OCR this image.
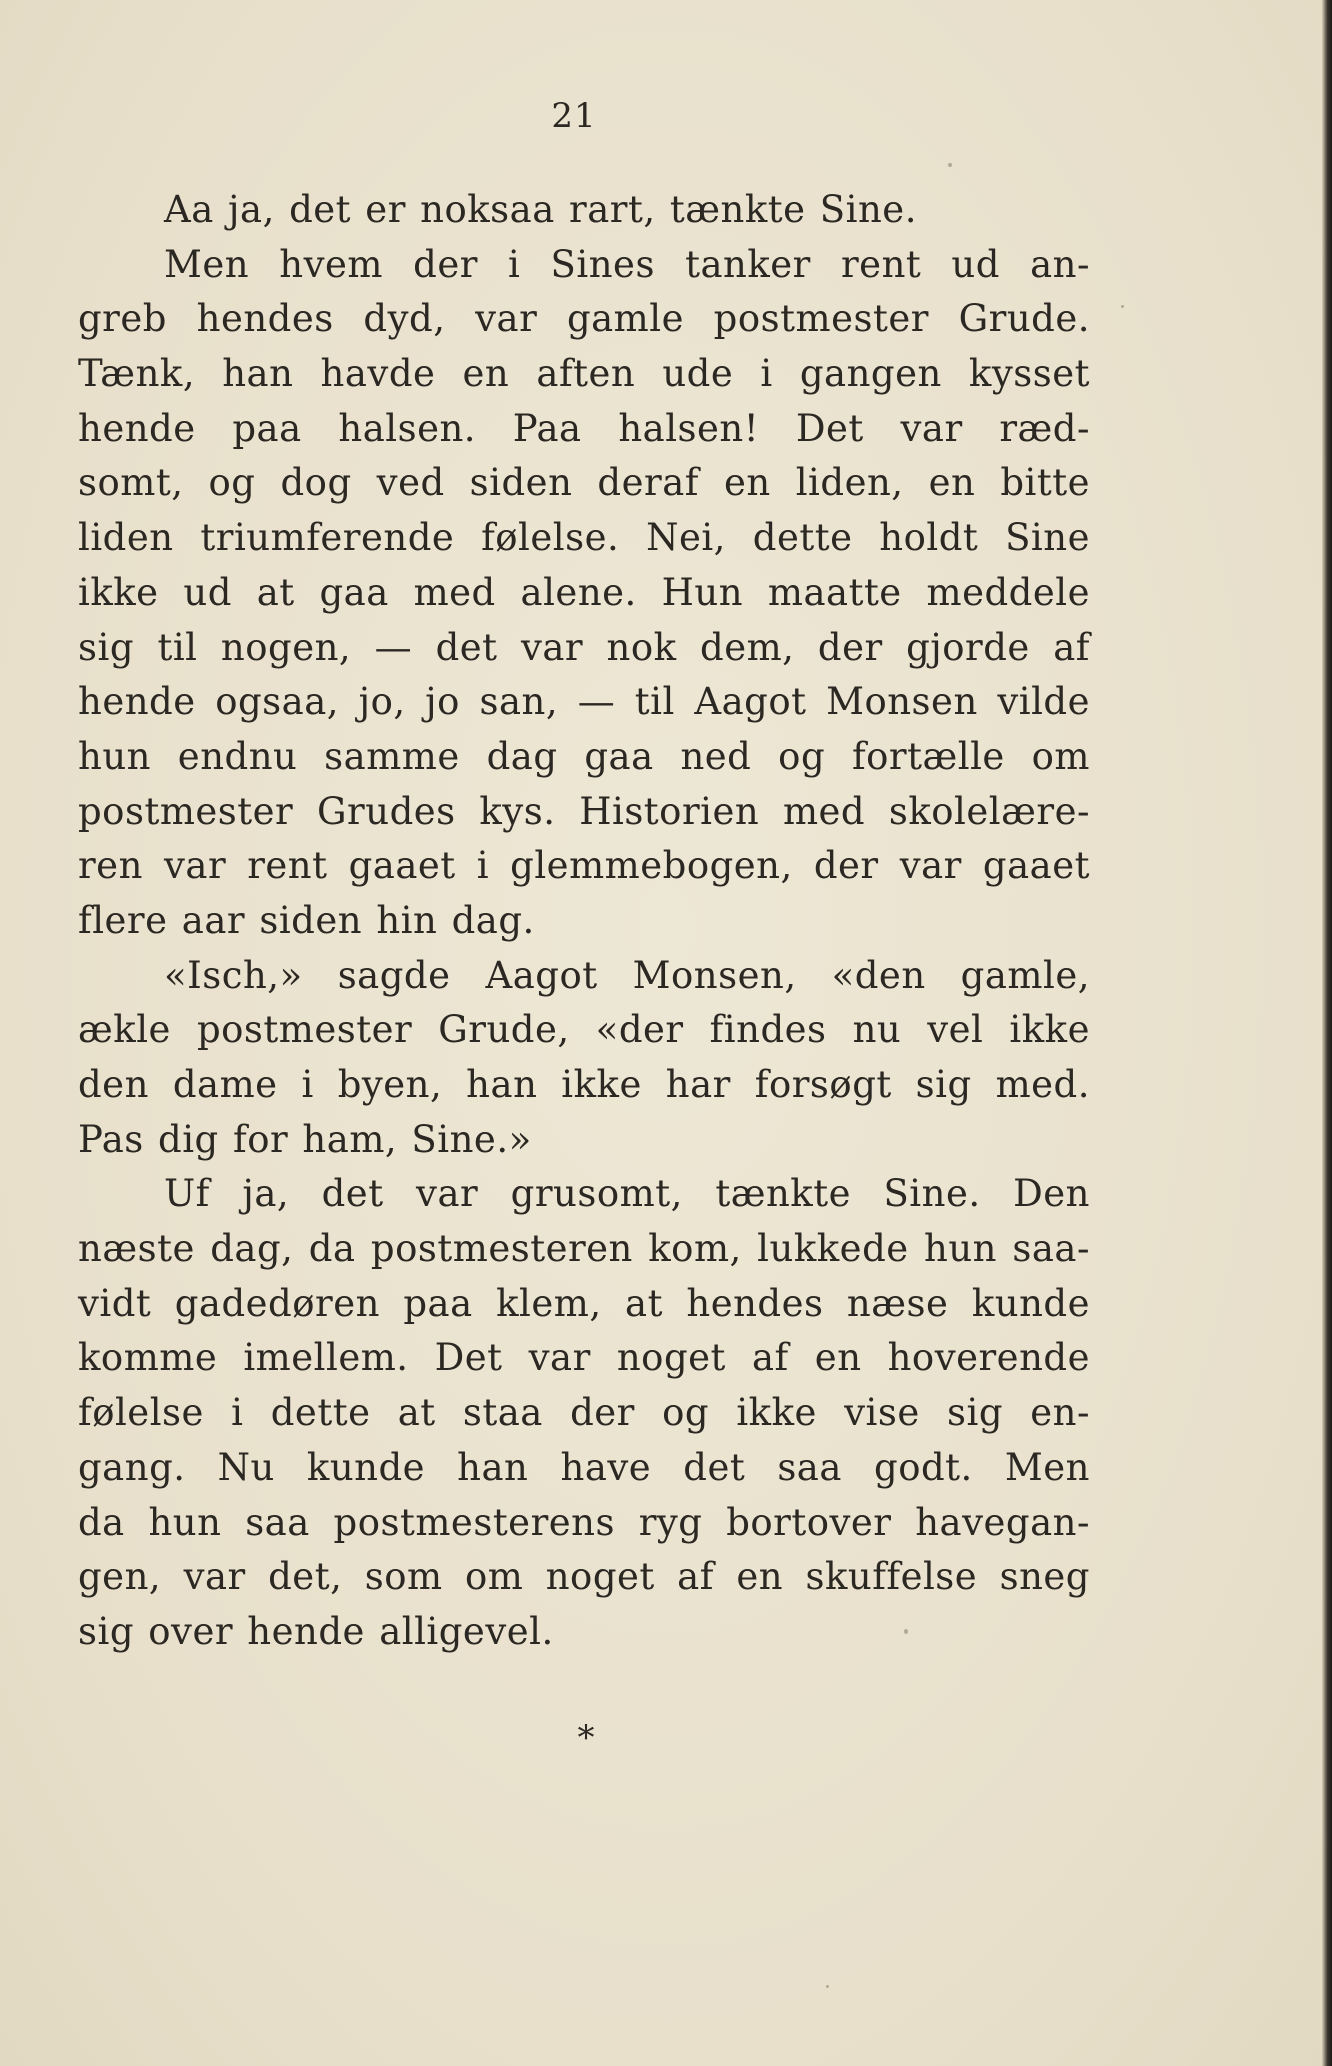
21
Aa ja, det er noksaa rart, tænkte Sine.
Men hvem der i Sines tanker rent ud an-
greb hendes dyd, var gamle postmester Grude.
Tænk, han havde en aften ude i gangen kysset
hende paa halsen. Paa halsen! Det var ræd-
somt, og dog ved siden deraf en liden, en bitte
liden triumferende følelse. Nei, dette holdt Sine
ikke ud at gaa med alene. Hun maatte meddele
sig til nogen, — det var nok dem, der gjorde af
hende ogsaa, jo, jo san, — til Aagot Monsen vilde
hun endnu samme dag gaa ned og fortælle om
postmester Grudes kys. Historien med skolelære-
ren var rent gaaet i glemmebogen, der var gaaet
flere aar siden hin dag.
«Isch,» sagde Aagot Monsen, «den gamle,
ækle postmester Grude, «der findes nu vel ikke
den dame i byen, han ikke har forsøgt sig med.
Pas dig for ham, Sine.»
Uf ja, det var grusomt, tænkte Sine. Den
næste dag, da postmesteren kom, lukkede hun saa-
vidt gadedøren paa klem, at hendes næse kunde
komme imellem. Det var noget af en hoverende
følelse i dette at staa der og ikke vise sig en-
gang. Nu kunde han have det saa godt. Men
da hun saa postmesterens ryg bortover havegan-
gen, var det, som om noget af en skuffelse sneg
sig over hende alligevel.
*
